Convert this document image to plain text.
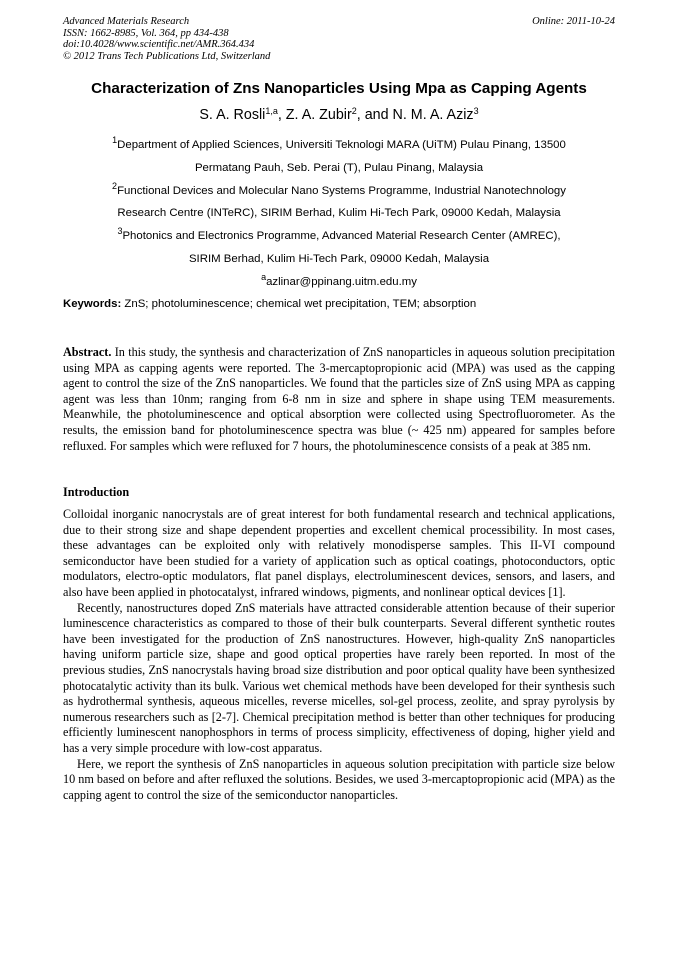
Advanced Materials Research
ISSN: 1662-8985, Vol. 364, pp 434-438
doi:10.4028/www.scientific.net/AMR.364.434
© 2012 Trans Tech Publications Ltd, Switzerland
Online: 2011-10-24
Characterization of Zns Nanoparticles Using Mpa as Capping Agents
S. A. Rosli$^{1,a}$, Z. A. Zubir$^2$, and N. M. A. Aziz$^3$
$^1$Department of Applied Sciences, Universiti Teknologi MARA (UiTM) Pulau Pinang, 13500
Permatang Pauh, Seb. Perai (T), Pulau Pinang, Malaysia
$^2$Functional Devices and Molecular Nano Systems Programme, Industrial Nanotechnology
Research Centre (INTeRC), SIRIM Berhad, Kulim Hi-Tech Park, 09000 Kedah, Malaysia
$^3$Photonics and Electronics Programme, Advanced Material Research Center (AMREC),
SIRIM Berhad, Kulim Hi-Tech Park, 09000 Kedah, Malaysia
$^a$azlinar@ppinang.uitm.edu.my
Keywords: ZnS; photoluminescence; chemical wet precipitation, TEM; absorption

Abstract. In this study, the synthesis and characterization of ZnS nanoparticles in aqueous solution precipitation using MPA as capping agents were reported. The 3-mercaptopropionic acid (MPA) was used as the capping agent to control the size of the ZnS nanoparticles. We found that the particles size of ZnS using MPA as capping agent was less than 10nm; ranging from 6-8 nm in size and sphere in shape using TEM measurements. Meanwhile, the photoluminescence and optical absorption were collected using Spectrofluorometer. As the results, the emission band for photoluminescence spectra was blue (~ 425 nm) appeared for samples before refluxed. For samples which were refluxed for 7 hours, the photoluminescence consists of a peak at 385 nm.

Introduction

Colloidal inorganic nanocrystals are of great interest for both fundamental research and technical applications, due to their strong size and shape dependent properties and excellent chemical processibility. In most cases, these advantages can be exploited only with relatively monodisperse samples. This II-VI compound semiconductor have been studied for a variety of application such as optical coatings, photoconductors, optic modulators, electro-optic modulators, flat panel displays, electroluminescent devices, sensors, and lasers, and also have been applied in photocatalyst, infrared windows, pigments, and nonlinear optical devices [1].

Recently, nanostructures doped ZnS materials have attracted considerable attention because of their superior luminescence characteristics as compared to those of their bulk counterparts. Several different synthetic routes have been investigated for the production of ZnS nanostructures. However, high-quality ZnS nanoparticles having uniform particle size, shape and good optical properties have rarely been reported. In most of the previous studies, ZnS nanocrystals having broad size distribution and poor optical quality have been synthesized photocatalytic activity than its bulk. Various wet chemical methods have been developed for their synthesis such as hydrothermal synthesis, aqueous micelles, reverse micelles, sol-gel process, zeolite, and spray pyrolysis by numerous researchers such as [2-7]. Chemical precipitation method is better than other techniques for producing efficiently luminescent nanophosphors in terms of process simplicity, effectiveness of doping, higher yield and has a very simple procedure with low-cost apparatus.

Here, we report the synthesis of ZnS nanoparticles in aqueous solution precipitation with particle size below 10 nm based on before and after refluxed the solutions. Besides, we used 3-mercaptopropionic acid (MPA) as the capping agent to control the size of the semiconductor nanoparticles.
